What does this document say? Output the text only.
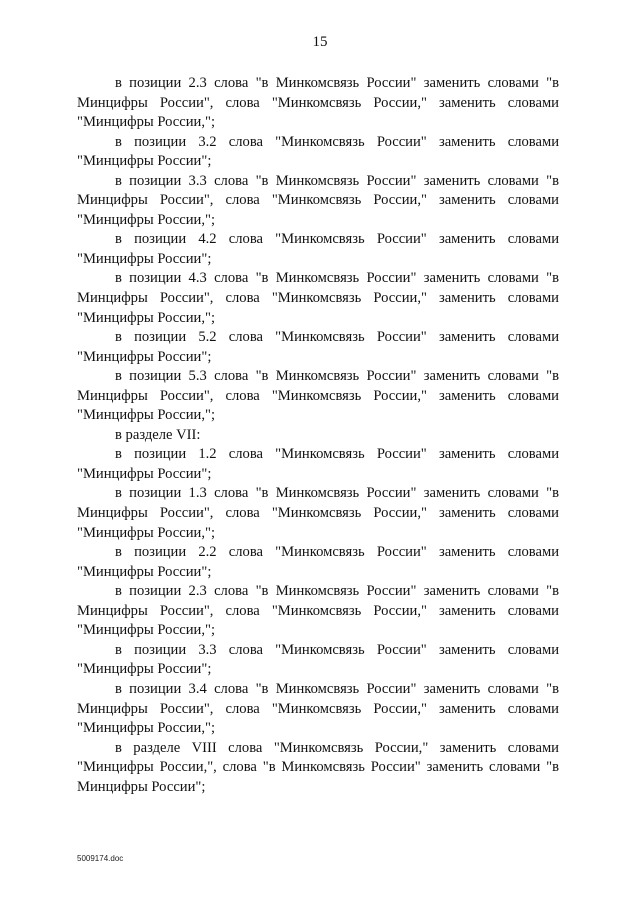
15

в позиции 2.3 слова "в Минкомсвязь России" заменить словами "в Минцифры России", слова "Минкомсвязь России," заменить словами "Минцифры России,";

в позиции 3.2 слова "Минкомсвязь России" заменить словами "Минцифры России";

в позиции 3.3 слова "в Минкомсвязь России" заменить словами "в Минцифры России", слова "Минкомсвязь России," заменить словами "Минцифры России,";

в позиции 4.2 слова "Минкомсвязь России" заменить словами "Минцифры России";

в позиции 4.3 слова "в Минкомсвязь России" заменить словами "в Минцифры России", слова "Минкомсвязь России," заменить словами "Минцифры России,";

в позиции 5.2 слова "Минкомсвязь России" заменить словами "Минцифры России";

в позиции 5.3 слова "в Минкомсвязь России" заменить словами "в Минцифры России", слова "Минкомсвязь России," заменить словами "Минцифры России,";

в разделе VII:

в позиции 1.2 слова "Минкомсвязь России" заменить словами "Минцифры России";

в позиции 1.3 слова "в Минкомсвязь России" заменить словами "в Минцифры России", слова "Минкомсвязь России," заменить словами "Минцифры России,";

в позиции 2.2 слова "Минкомсвязь России" заменить словами "Минцифры России";

в позиции 2.3 слова "в Минкомсвязь России" заменить словами "в Минцифры России", слова "Минкомсвязь России," заменить словами "Минцифры России,";

в позиции 3.3 слова "Минкомсвязь России" заменить словами "Минцифры России";

в позиции 3.4 слова "в Минкомсвязь России" заменить словами "в Минцифры России", слова "Минкомсвязь России," заменить словами "Минцифры России,";

в разделе VIII слова "Минкомсвязь России," заменить словами "Минцифры России,", слова "в Минкомсвязь России" заменить словами "в Минцифры России";

5009174.doc
